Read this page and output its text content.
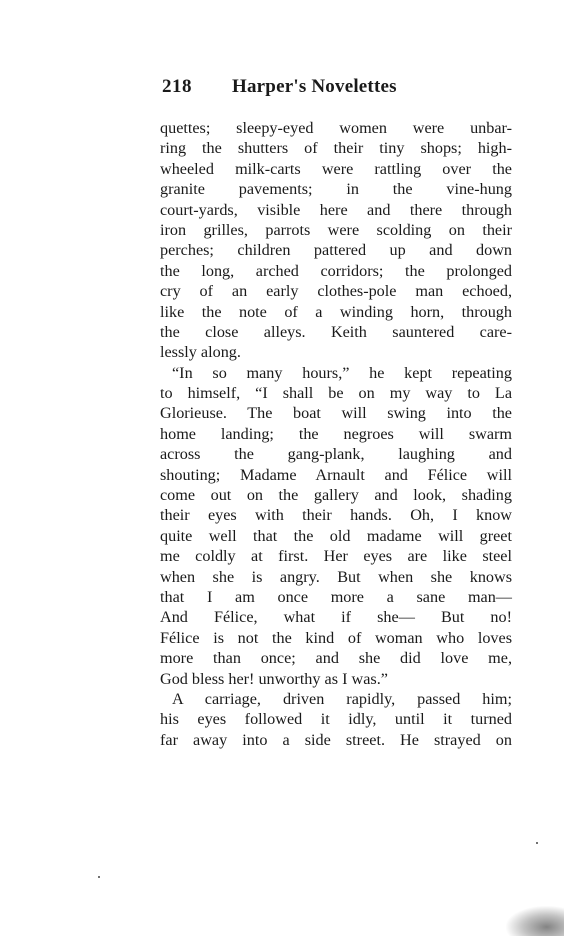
218 Harper's Novelettes
quettes; sleepy-eyed women were unbar-
ring the shutters of their tiny shops; high-
wheeled milk-carts were rattling over the
granite pavements; in the vine-hung
court-yards, visible here and there through
iron grilles, parrots were scolding on their
perches; children pattered up and down
the long, arched corridors; the prolonged
cry of an early clothes-pole man echoed,
like the note of a winding horn, through
the close alleys. Keith sauntered care-
lessly along.
“In so many hours,” he kept repeating
to himself, “I shall be on my way to La
Glorieuse. The boat will swing into the
home landing; the negroes will swarm
across the gang-plank, laughing and
shouting; Madame Arnault and Félice will
come out on the gallery and look, shading
their eyes with their hands. Oh, I know
quite well that the old madame will greet
me coldly at first. Her eyes are like steel
when she is angry. But when she knows
that I am once more a sane man—
And Félice, what if she— But no!
Félice is not the kind of woman who loves
more than once; and she did love me,
God bless her! unworthy as I was.”
A carriage, driven rapidly, passed him;
his eyes followed it idly, until it turned
far away into a side street. He strayed on
